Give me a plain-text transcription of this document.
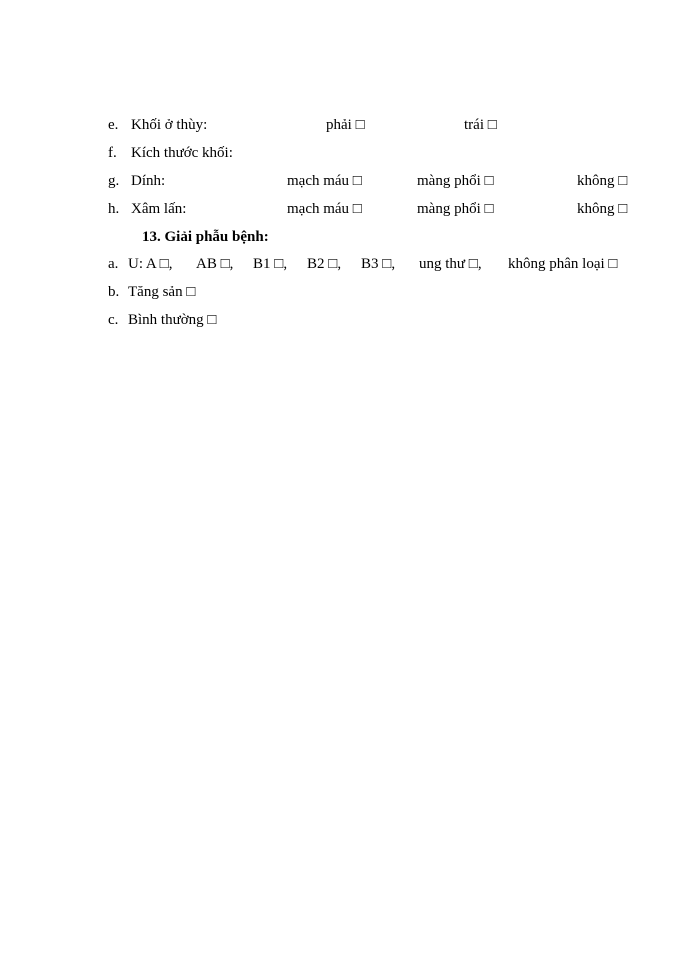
e. Khối ở thùy:	phải □	trái □
f. Kích thước khối:
g. Dính:	mạch máu □	màng phổi □	không □
h. Xâm lấn:	mạch máu □	màng phổi □	không □
13. Giải phẫu bệnh:
a. U: A □, AB □, B1 □, B2 □, B3 □, ung thư □, không phân loại □
b. Tăng sản □
c. Bình thường □
